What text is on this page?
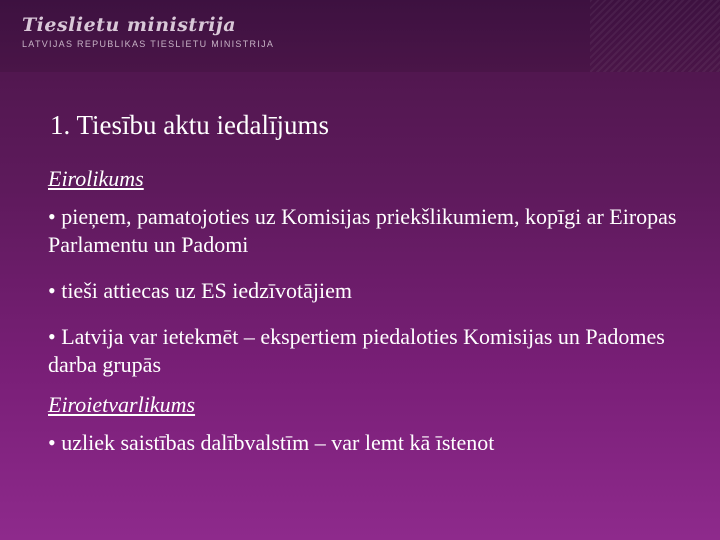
Tieslietu ministrija
LATVIJAS REPUBLIKAS TIESLIETU MINISTRIJA
1. Tiesību aktu iedalījums

Eirolikums

• pieņem, pamatojoties uz Komisijas priekšlikumiem, kopīgi ar Eiropas Parlamentu un Padomi

• tieši attiecas uz ES iedzīvotājiem

• Latvija var ietekmēt – ekspertiem piedaloties Komisijas un Padomes darba grupās

Eiroietvarlikums

• uzliek saistības dalībvalstīm – var lemt kā īstenot
